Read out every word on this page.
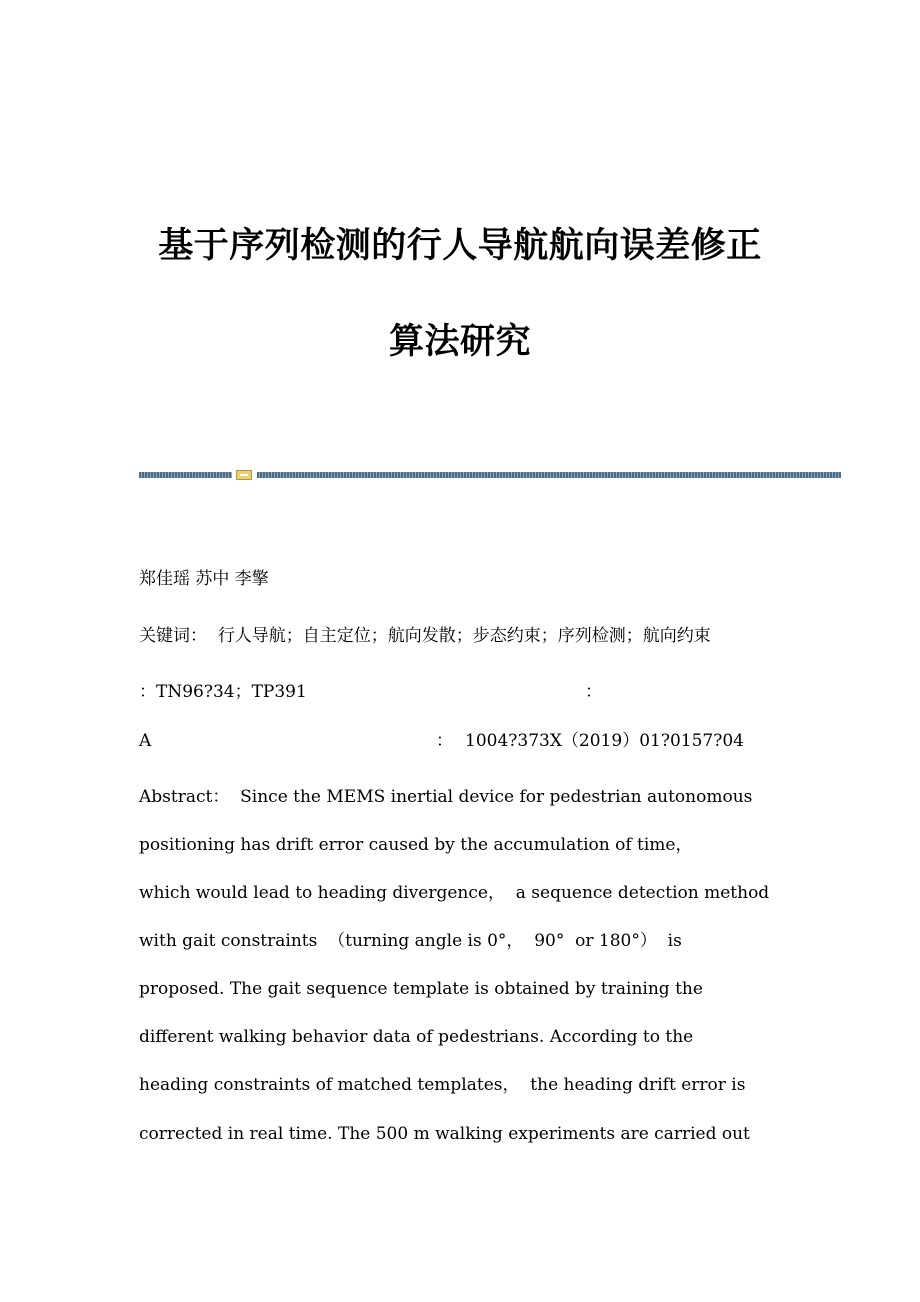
基于序列检测的行人导航航向误差修正
算法研究
郑佳瑶 苏中 李擎
关键词： 行人导航；自主定位；航向发散；步态约束；序列检测；航向约束
：TN96?34；TP391	：
A	： 1004?373X（2019）01?0157?04
Abstract：  Since the MEMS inertial device for pedestrian autonomous
positioning has drift error caused by the accumulation of time，
which would lead to heading divergence，  a sequence detection method
with gait constraints  （turning angle is 0°，  90°  or 180°）  is
proposed. The gait sequence template is obtained by training the
different walking behavior data of pedestrians. According to the
heading constraints of matched templates，  the heading drift error is
corrected in real time. The 500 m walking experiments are carried out
